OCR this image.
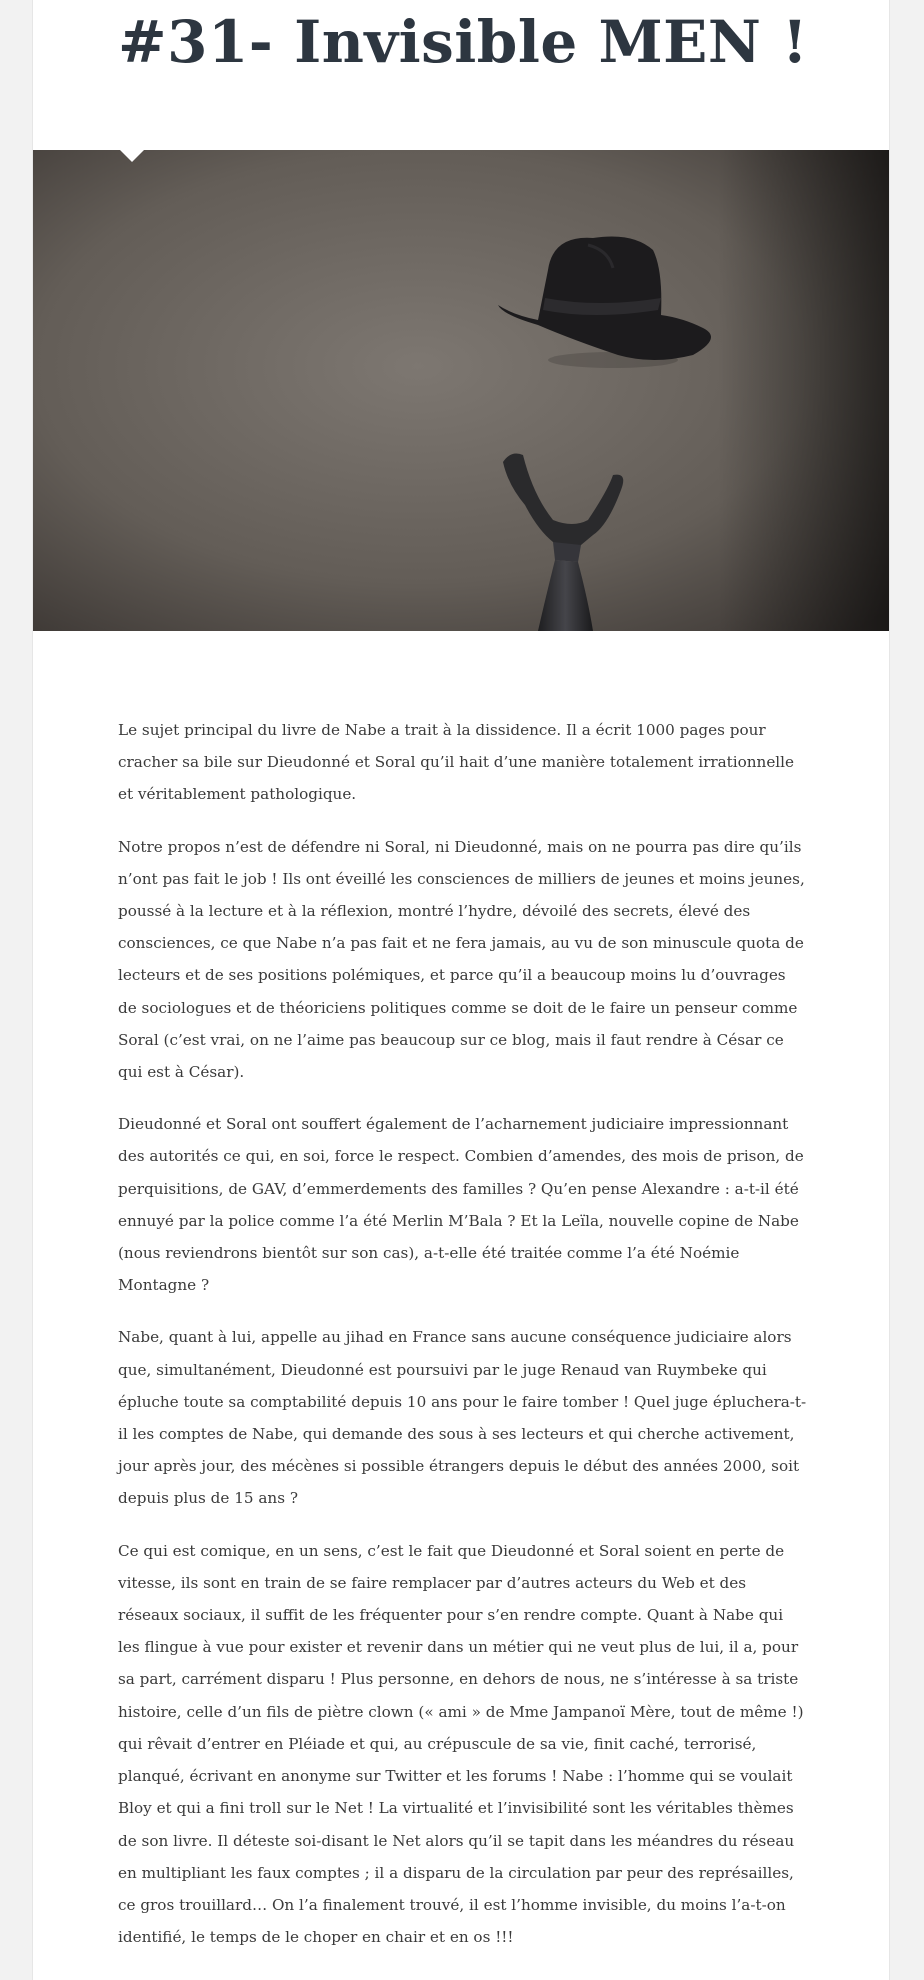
#31- Invisible MEN !

Le sujet principal du livre de Nabe a trait à la dissidence. Il a écrit 1000 pages pour cracher sa bile sur Dieudonné et Soral qu’il hait d’une manière totalement irrationnelle et véritablement pathologique.

Notre propos n’est de défendre ni Soral, ni Dieudonné, mais on ne pourra pas dire qu’ils n’ont pas fait le job ! Ils ont éveillé les consciences de milliers de jeunes et moins jeunes, poussé à la lecture et à la réflexion, montré l’hydre, dévoilé des secrets, élevé des consciences, ce que Nabe n’a pas fait et ne fera jamais, au vu de son minuscule quota de lecteurs et de ses positions polémiques, et parce qu’il a beaucoup moins lu d’ouvrages de sociologues et de théoriciens politiques comme se doit de le faire un penseur comme Soral (c’est vrai, on ne l’aime pas beaucoup sur ce blog, mais il faut rendre à César ce qui est à César).

Dieudonné et Soral ont souffert également de l’acharnement judiciaire impressionnant des autorités ce qui, en soi, force le respect. Combien d’amendes, des mois de prison, de perquisitions, de GAV, d’emmerdements des familles ? Qu’en pense Alexandre : a-t-il été ennuyé par la police comme l’a été Merlin M’Bala ? Et la Leïla, nouvelle copine de Nabe (nous reviendrons bientôt sur son cas), a-t-elle été traitée comme l’a été Noémie Montagne ?

Nabe, quant à lui, appelle au jihad en France sans aucune conséquence judiciaire alors que, simultanément, Dieudonné est poursuivi par le juge Renaud van Ruymbeke qui épluche toute sa comptabilité depuis 10 ans pour le faire tomber ! Quel juge épluchera-t-il les comptes de Nabe, qui demande des sous à ses lecteurs et qui cherche activement, jour après jour, des mécènes si possible étrangers depuis le début des années 2000, soit depuis plus de 15 ans ?

Ce qui est comique, en un sens, c’est le fait que Dieudonné et Soral soient en perte de vitesse, ils sont en train de se faire remplacer par d’autres acteurs du Web et des réseaux sociaux, il suffit de les fréquenter pour s’en rendre compte. Quant à Nabe qui les flingue à vue pour exister et revenir dans un métier qui ne veut plus de lui, il a, pour sa part, carrément disparu ! Plus personne, en dehors de nous, ne s’intéresse à sa triste histoire, celle d’un fils de piètre clown (« ami » de Mme Jampanoï Mère, tout de même !) qui rêvait d’entrer en Pléiade et qui, au crépuscule de sa vie, finit caché, terrorisé, planqué, écrivant en anonyme sur Twitter et les forums ! Nabe : l’homme qui se voulait Bloy et qui a fini troll sur le Net ! La virtualité et l’invisibilité sont les véritables thèmes de son livre. Il déteste soi-disant le Net alors qu’il se tapit dans les méandres du réseau en multipliant les faux comptes ; il a disparu de la circulation par peur des représailles, ce gros trouillard… On l’a finalement trouvé, il est l’homme invisible, du moins l’a-t-on identifié, le temps de le choper en chair et en os !!!
